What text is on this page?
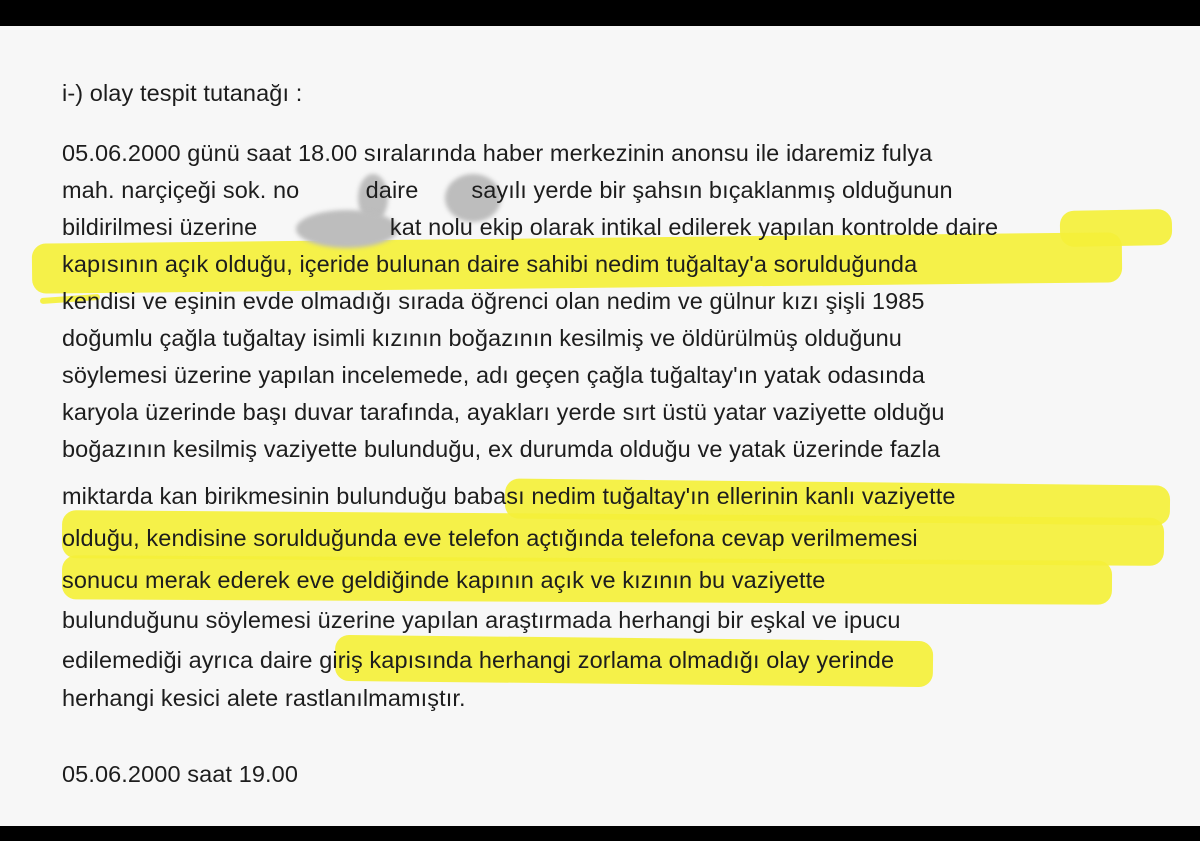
i-) olay tespit tutanağı :
05.06.2000 günü saat 18.00 sıralarında haber merkezinin anonsu ile idaremiz fulya
mah. narçiçeği sok. no          daire        sayılı yerde bir şahsın bıçaklanmış olduğunun
bildirilmesi üzerine                    kat nolu ekip olarak intikal edilerek yapılan kontrolde daire
kapısının açık olduğu, içeride bulunan daire sahibi nedim tuğaltay'a sorulduğunda
kendisi ve eşinin evde olmadığı sırada öğrenci olan nedim ve gülnur kızı şişli 1985
doğumlu çağla tuğaltay isimli kızının boğazının kesilmiş ve öldürülmüş olduğunu
söylemesi üzerine yapılan incelemede, adı geçen çağla tuğaltay'ın yatak odasında
karyola üzerinde başı duvar tarafında, ayakları yerde sırt üstü yatar vaziyette olduğu
boğazının kesilmiş vaziyette bulunduğu, ex durumda olduğu ve yatak üzerinde fazla
miktarda kan birikmesinin bulunduğu babası nedim tuğaltay'ın ellerinin kanlı vaziyette
olduğu, kendisine sorulduğunda eve telefon açtığında telefona cevap verilmemesi
sonucu merak ederek eve geldiğinde kapının açık ve kızının bu vaziyette
bulunduğunu söylemesi üzerine yapılan araştırmada herhangi bir eşkal ve ipucu
edilemediği ayrıca daire giriş kapısında herhangi zorlama olmadığı olay yerinde
herhangi kesici alete rastlanılmamıştır.
05.06.2000 saat 19.00
